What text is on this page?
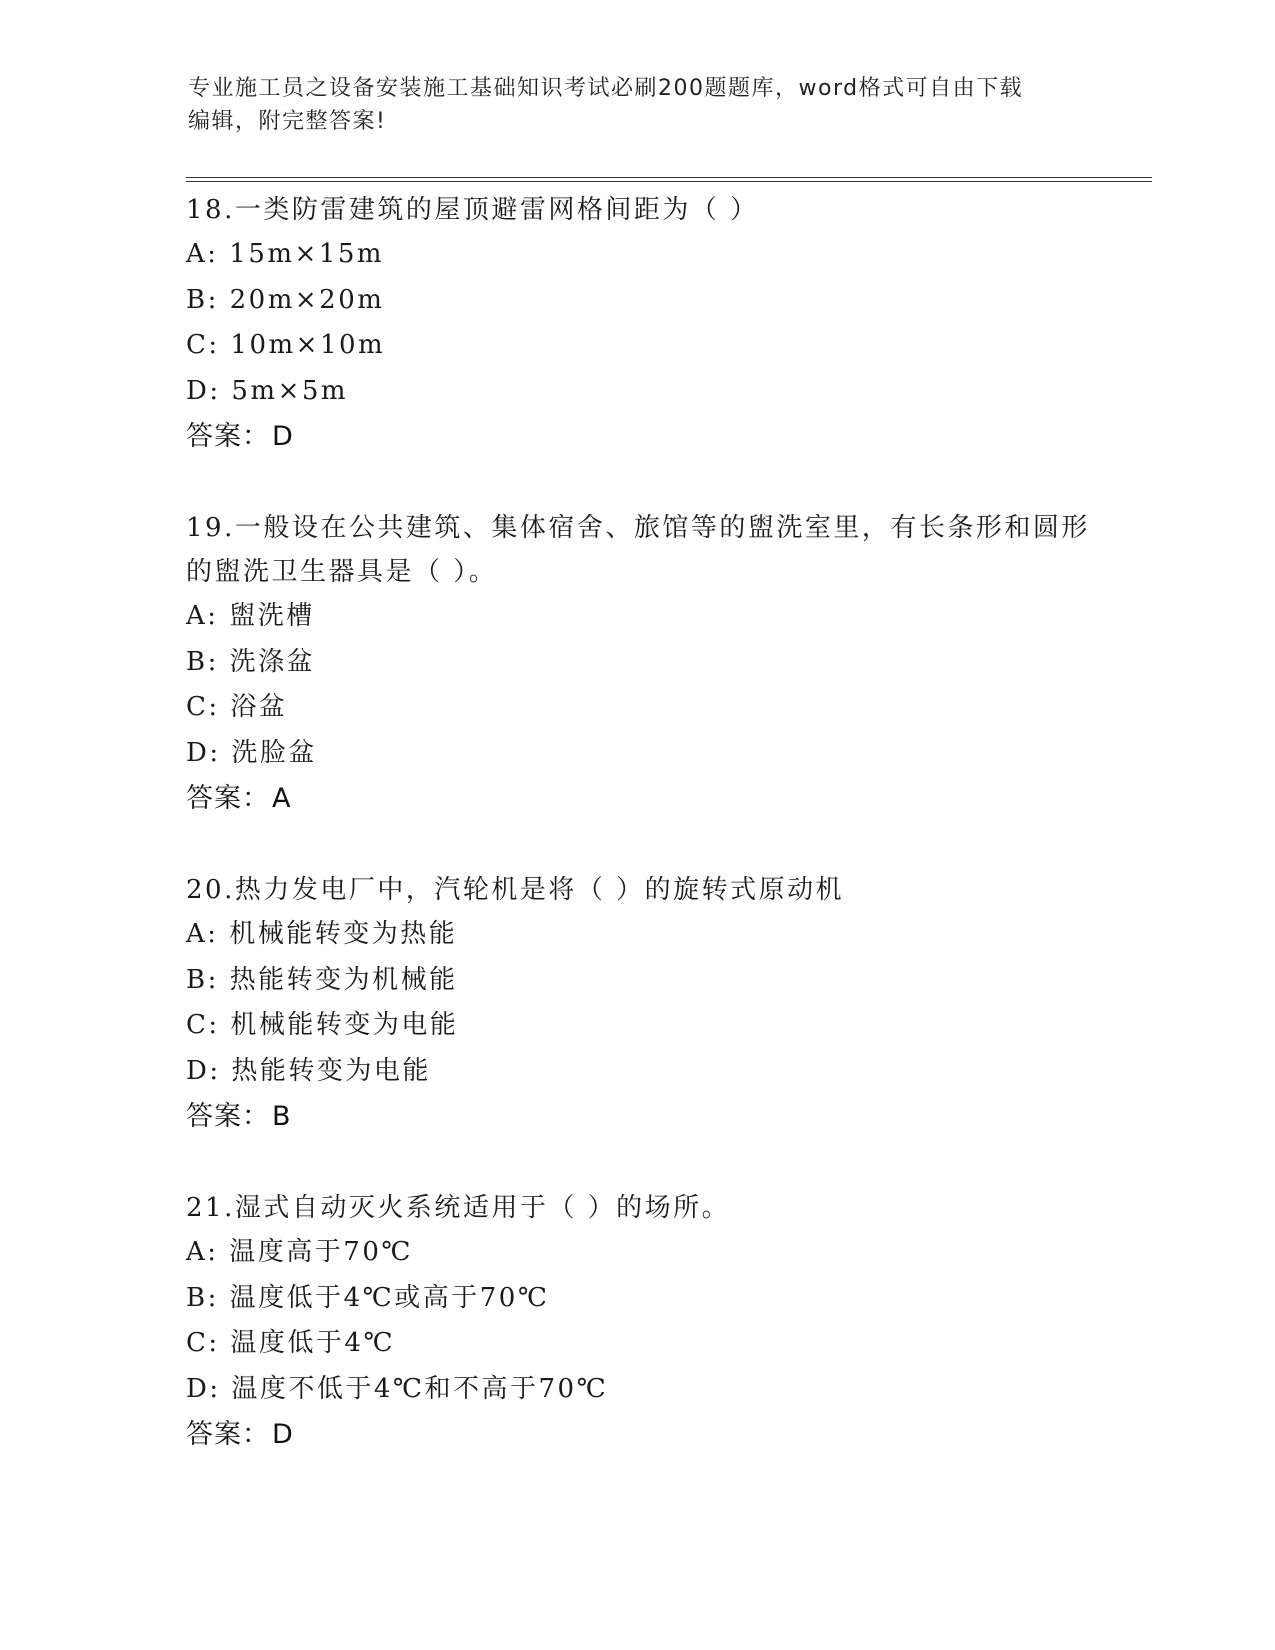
专业施工员之设备安装施工基础知识考试必刷200题题库，word格式可自由下载
编辑，附完整答案!

18.一类防雷建筑的屋顶避雷网格间距为（ ）

A: 15m×15m

B: 20m×20m

C: 10m×10m

D: 5m×5m

答案：D

19.一般设在公共建筑、集体宿舍、旅馆等的盥洗室里，有长条形和圆形的盥洗卫生器具是（ ）。

A: 盥洗槽

B: 洗涤盆

C: 浴盆

D: 洗脸盆

答案：A

20.热力发电厂中，汽轮机是将（ ）的旋转式原动机

A: 机械能转变为热能

B: 热能转变为机械能

C: 机械能转变为电能

D: 热能转变为电能

答案：B

21.湿式自动灭火系统适用于（ ）的场所。

A: 温度高于70℃

B: 温度低于4℃或高于70℃

C: 温度低于4℃

D: 温度不低于4℃和不高于70℃

答案：D
